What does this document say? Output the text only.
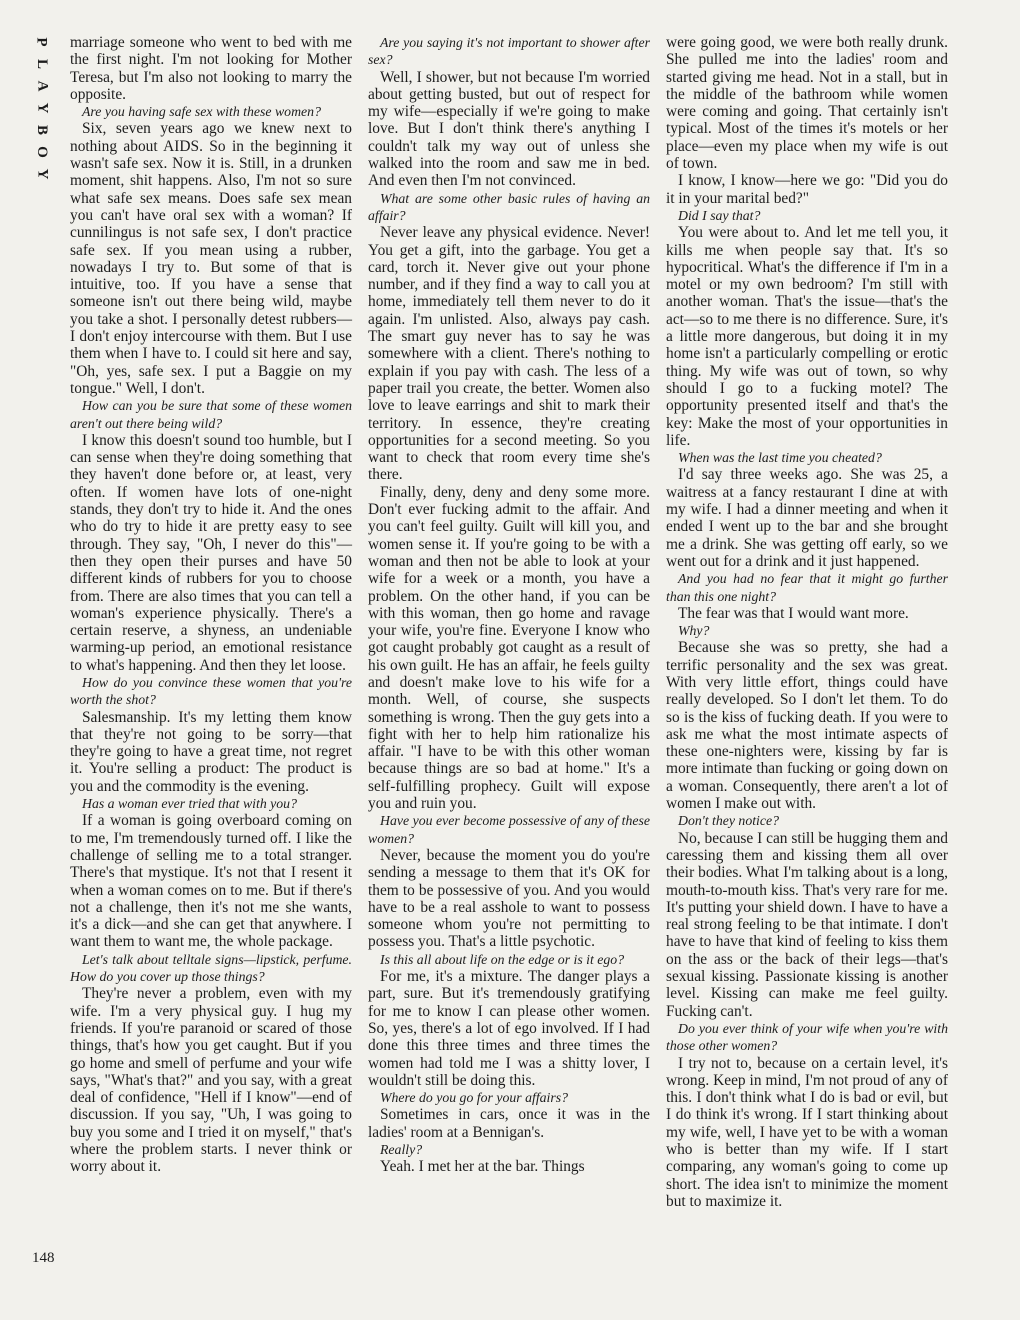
P
L
A
Y
B
O
Y
148

marriage someone who went to bed with me the first night. I'm not looking for Mother Teresa, but I'm also not looking to marry the opposite.

Are you having safe sex with these women?

Six, seven years ago we knew next to nothing about AIDS. So in the beginning it wasn't safe sex. Now it is. Still, in a drunken moment, shit happens. Also, I'm not so sure what safe sex means. Does safe sex mean you can't have oral sex with a woman? If cunnilingus is not safe sex, I don't practice safe sex. If you mean using a rubber, nowadays I try to. But some of that is intuitive, too. If you have a sense that someone isn't out there being wild, maybe you take a shot. I personally detest rubbers—I don't enjoy intercourse with them. But I use them when I have to. I could sit here and say, "Oh, yes, safe sex. I put a Baggie on my tongue." Well, I don't.

How can you be sure that some of these women aren't out there being wild?

I know this doesn't sound too humble, but I can sense when they're doing something that they haven't done before or, at least, very often. If women have lots of one-night stands, they don't try to hide it. And the ones who do try to hide it are pretty easy to see through. They say, "Oh, I never do this"—then they open their purses and have 50 different kinds of rubbers for you to choose from. There are also times that you can tell a woman's experience physically. There's a certain reserve, a shyness, an undeniable warming-up period, an emotional resistance to what's happening. And then they let loose.

How do you convince these women that you're worth the shot?

Salesmanship. It's my letting them know that they're not going to be sorry—that they're going to have a great time, not regret it. You're selling a product: The product is you and the commodity is the evening.

Has a woman ever tried that with you?

If a woman is going overboard coming on to me, I'm tremendously turned off. I like the challenge of selling me to a total stranger. There's that mystique. It's not that I resent it when a woman comes on to me. But if there's not a challenge, then it's not me she wants, it's a dick—and she can get that anywhere. I want them to want me, the whole package.

Let's talk about telltale signs—lipstick, perfume. How do you cover up those things?

They're never a problem, even with my wife. I'm a very physical guy. I hug my friends. If you're paranoid or scared of those things, that's how you get caught. But if you go home and smell of perfume and your wife says, "What's that?" and you say, with a great deal of confidence, "Hell if I know"—end of discussion. If you say, "Uh, I was going to buy you some and I tried it on myself," that's where the problem starts. I never think or worry about it.

Are you saying it's not important to shower after sex?

Well, I shower, but not because I'm worried about getting busted, but out of respect for my wife—especially if we're going to make love. But I don't think there's anything I couldn't talk my way out of unless she walked into the room and saw me in bed. And even then I'm not convinced.

What are some other basic rules of having an affair?

Never leave any physical evidence. Never! You get a gift, into the garbage. You get a card, torch it. Never give out your phone number, and if they find a way to call you at home, immediately tell them never to do it again. I'm unlisted. Also, always pay cash. The smart guy never has to say he was somewhere with a client. There's nothing to explain if you pay with cash. The less of a paper trail you create, the better. Women also love to leave earrings and shit to mark their territory. In essence, they're creating opportunities for a second meeting. So you want to check that room every time she's there.

Finally, deny, deny and deny some more. Don't ever fucking admit to the affair. And you can't feel guilty. Guilt will kill you, and women sense it. If you're going to be with a woman and then not be able to look at your wife for a week or a month, you have a problem. On the other hand, if you can be with this woman, then go home and ravage your wife, you're fine. Everyone I know who got caught probably got caught as a result of his own guilt. He has an affair, he feels guilty and doesn't make love to his wife for a month. Well, of course, she suspects something is wrong. Then the guy gets into a fight with her to help him rationalize his affair. "I have to be with this other woman because things are so bad at home." It's a self-fulfilling prophecy. Guilt will expose you and ruin you.

Have you ever become possessive of any of these women?

Never, because the moment you do you're sending a message to them that it's OK for them to be possessive of you. And you would have to be a real asshole to want to possess someone whom you're not permitting to possess you. That's a little psychotic.

Is this all about life on the edge or is it ego?

For me, it's a mixture. The danger plays a part, sure. But it's tremendously gratifying for me to know I can please other women. So, yes, there's a lot of ego involved. If I had done this three times and three times the women had told me I was a shitty lover, I wouldn't still be doing this.

Where do you go for your affairs?

Sometimes in cars, once it was in the ladies' room at a Bennigan's.

Really?

Yeah. I met her at the bar. Things

were going good, we were both really drunk. She pulled me into the ladies' room and started giving me head. Not in a stall, but in the middle of the bathroom while women were coming and going. That certainly isn't typical. Most of the times it's motels or her place—even my place when my wife is out of town.

I know, I know—here we go: "Did you do it in your marital bed?"

Did I say that?

You were about to. And let me tell you, it kills me when people say that. It's so hypocritical. What's the difference if I'm in a motel or my own bedroom? I'm still with another woman. That's the issue—that's the act—so to me there is no difference. Sure, it's a little more dangerous, but doing it in my home isn't a particularly compelling or erotic thing. My wife was out of town, so why should I go to a fucking motel? The opportunity presented itself and that's the key: Make the most of your opportunities in life.

When was the last time you cheated?

I'd say three weeks ago. She was 25, a waitress at a fancy restaurant I dine at with my wife. I had a dinner meeting and when it ended I went up to the bar and she brought me a drink. She was getting off early, so we went out for a drink and it just happened.

And you had no fear that it might go further than this one night?

The fear was that I would want more.

Why?

Because she was so pretty, she had a terrific personality and the sex was great. With very little effort, things could have really developed. So I don't let them. To do so is the kiss of fucking death. If you were to ask me what the most intimate aspects of these one-nighters were, kissing by far is more intimate than fucking or going down on a woman. Consequently, there aren't a lot of women I make out with.

Don't they notice?

No, because I can still be hugging them and caressing them and kissing them all over their bodies. What I'm talking about is a long, mouth-to-mouth kiss. That's very rare for me. It's putting your shield down. I have to have a real strong feeling to be that intimate. I don't have to have that kind of feeling to kiss them on the ass or the back of their legs—that's sexual kissing. Passionate kissing is another level. Kissing can make me feel guilty. Fucking can't.

Do you ever think of your wife when you're with those other women?

I try not to, because on a certain level, it's wrong. Keep in mind, I'm not proud of any of this. I don't think what I do is bad or evil, but I do think it's wrong. If I start thinking about my wife, well, I have yet to be with a woman who is better than my wife. If I start comparing, any woman's going to come up short. The idea isn't to minimize the moment but to maximize it.
